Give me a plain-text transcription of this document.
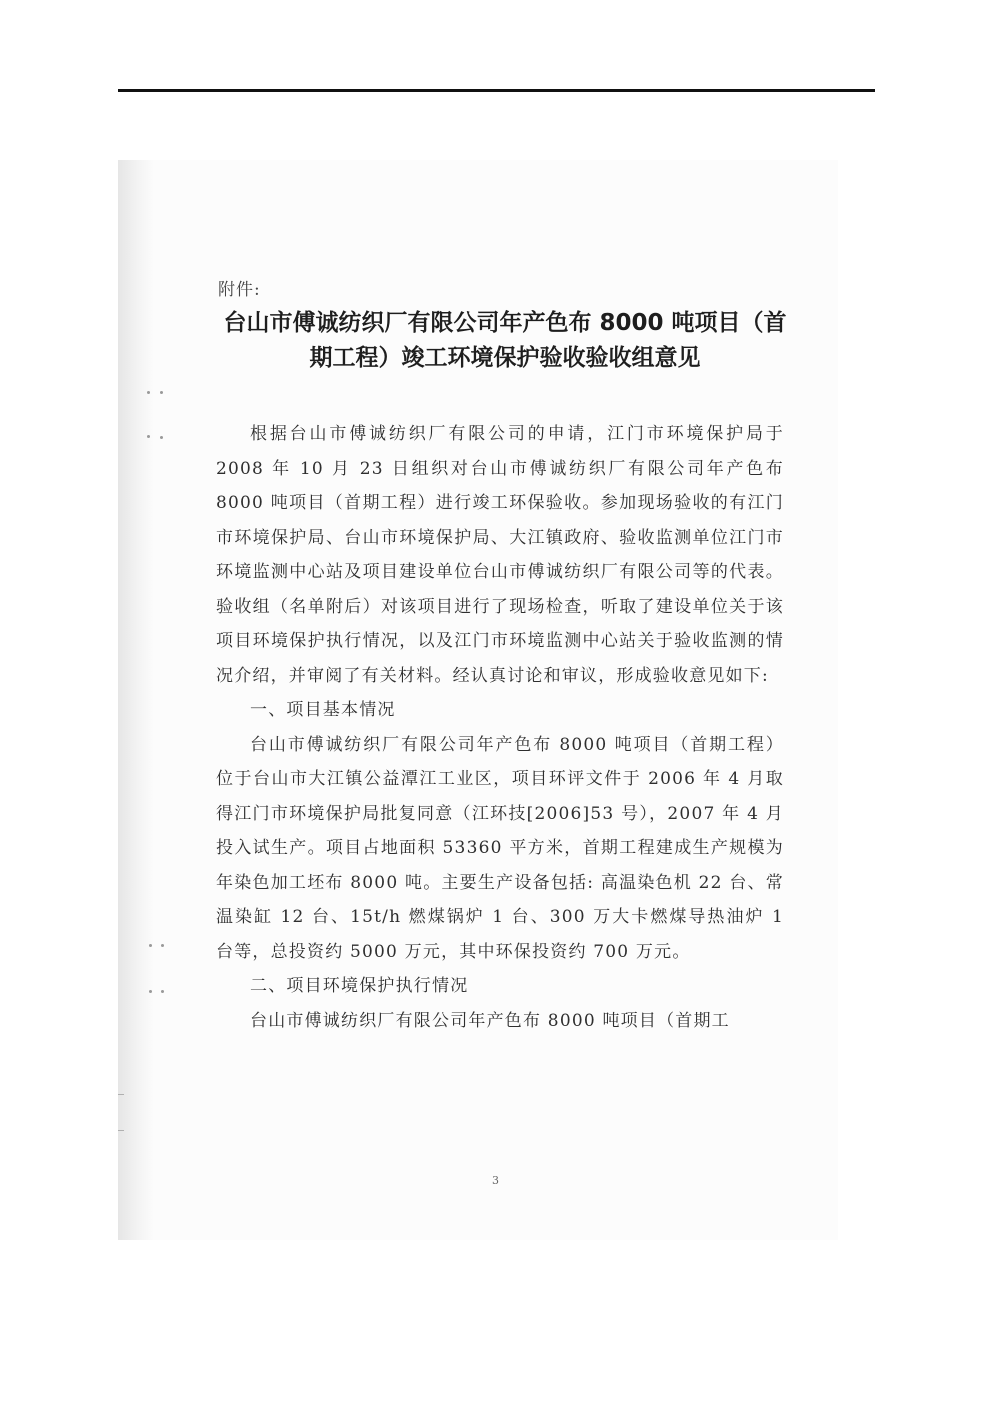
附件:
台山市傅诚纺织厂有限公司年产色布 8000 吨项目（首期工程）竣工环境保护验收验收组意见

根据台山市傅诚纺织厂有限公司的申请，江门市环境保护局于 2008 年 10 月 23 日组织对台山市傅诚纺织厂有限公司年产色布 8000 吨项目（首期工程）进行竣工环保验收。参加现场验收的有江门市环境保护局、台山市环境保护局、大江镇政府、验收监测单位江门市环境监测中心站及项目建设单位台山市傅诚纺织厂有限公司等的代表。验收组（名单附后）对该项目进行了现场检查，听取了建设单位关于该项目环境保护执行情况，以及江门市环境监测中心站关于验收监测的情况介绍，并审阅了有关材料。经认真讨论和审议，形成验收意见如下:

一、项目基本情况

台山市傅诚纺织厂有限公司年产色布 8000 吨项目（首期工程）位于台山市大江镇公益潭江工业区，项目环评文件于 2006 年 4 月取得江门市环境保护局批复同意（江环技[2006]53 号），2007 年 4 月投入试生产。项目占地面积 53360 平方米，首期工程建成生产规模为年染色加工坯布 8000 吨。主要生产设备包括: 高温染色机 22 台、常温染缸 12 台、15t/h 燃煤锅炉 1 台、300 万大卡燃煤导热油炉 1 台等，总投资约 5000 万元，其中环保投资约 700 万元。

二、项目环境保护执行情况

台山市傅诚纺织厂有限公司年产色布 8000 吨项目（首期工

3
